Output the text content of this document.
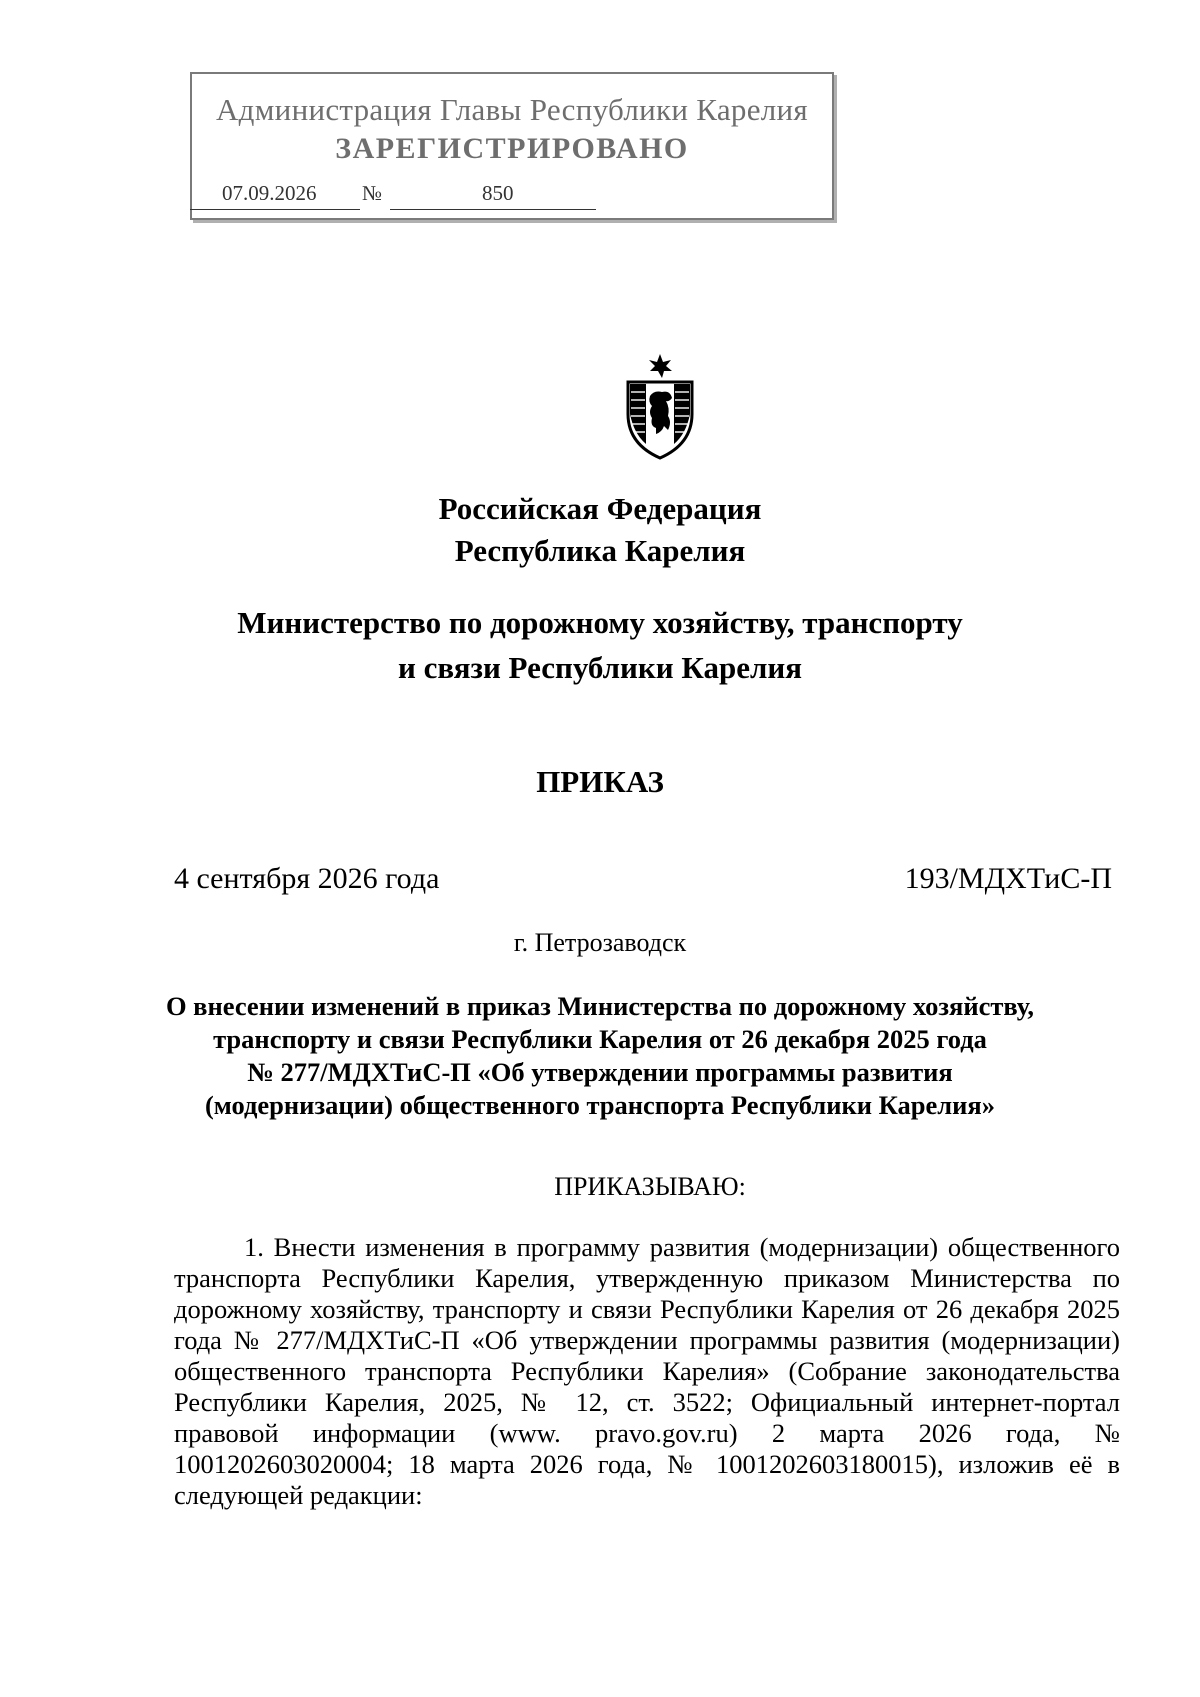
Администрация Главы Республики Карелия
ЗАРЕГИСТРИРОВАНО
07.09.2026 №	850
Российская Федерация
Республика Карелия
Министерство по дорожному хозяйству, транспорту
и связи Республики Карелия
ПРИКАЗ
4 сентября 2026 года	193/МДХТиС-П
г. Петрозаводск
О внесении изменений в приказ Министерства по дорожному хозяйству,
транспорту и связи Республики Карелия от 26 декабря 2025 года
№ 277/МДХТиС-П «Об утверждении программы развития
(модернизации) общественного транспорта Республики Карелия»
ПРИКАЗЫВАЮ:

1. Внести изменения в программу развития (модернизации) общественного транспорта Республики Карелия, утвержденную приказом Министерства по дорожному хозяйству, транспорту и связи Республики Карелия от 26 декабря 2025 года № 277/МДХТиС-П «Об утверждении программы развития (модернизации) общественного транспорта Республики Карелия» (Собрание законодательства Республики Карелия, 2025, № 12, ст. 3522; Официальный интернет-портал правовой информации (www. pravo.gov.ru) 2 марта 2026 года, № 1001202603020004; 18 марта 2026 года, № 1001202603180015), изложив её в следующей редакции:
